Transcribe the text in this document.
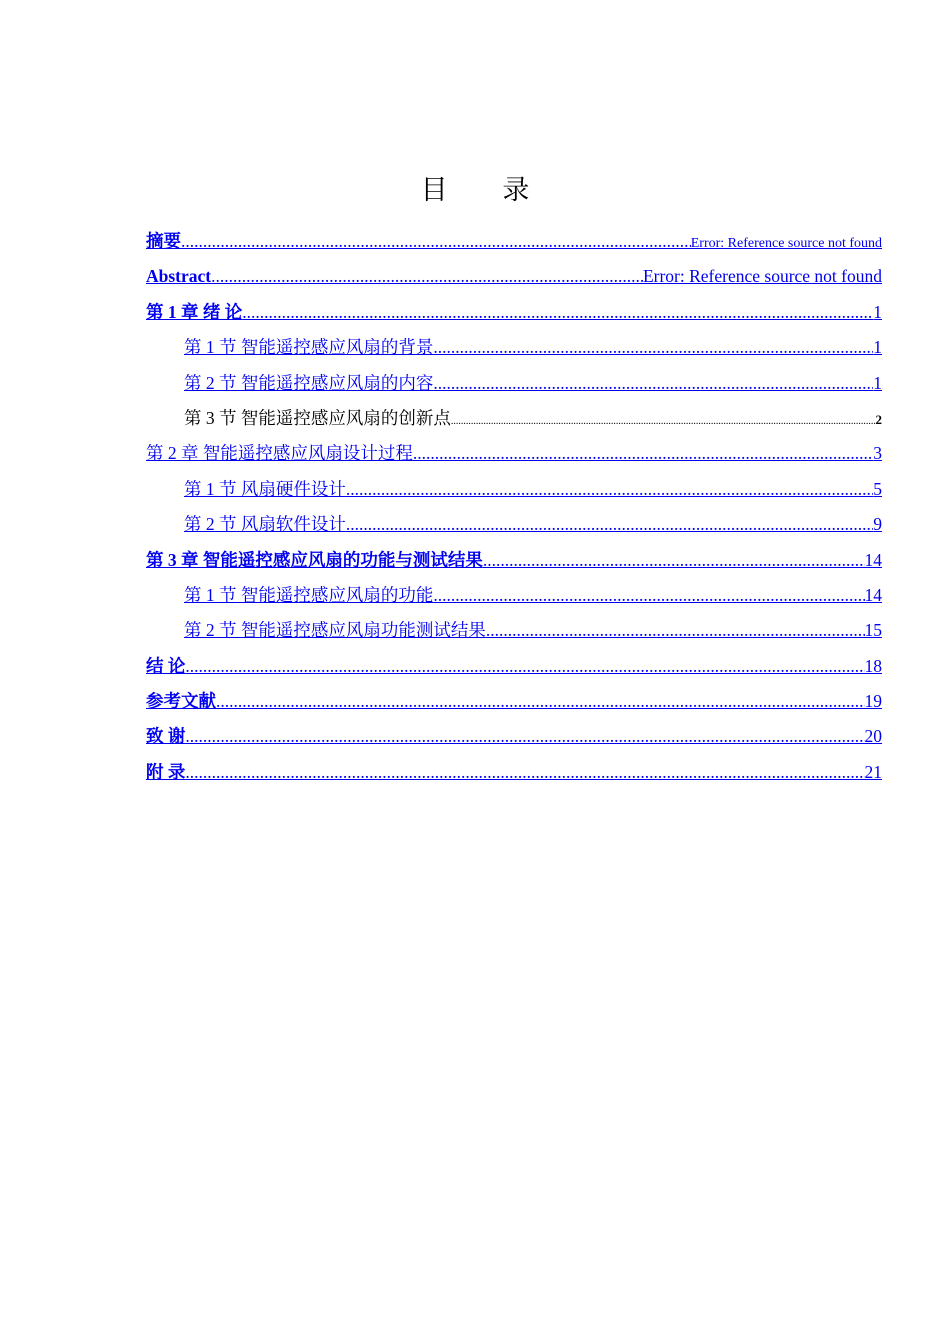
目 录
摘要 .....	Error: Reference source not found
Abstract .....	Error: Reference source not found
第 1 章 绪 论 .....	1
第 1 节 智能遥控感应风扇的背景 .....	1
第 2 节 智能遥控感应风扇的内容 .....	1
第 3 节 智能遥控感应风扇的创新点 .....	2
第 2 章 智能遥控感应风扇设计过程 .....	3
第 1 节 风扇硬件设计 .....	5
第 2 节 风扇软件设计 .....	9
第 3 章 智能遥控感应风扇的功能与测试结果 .....	14
第 1 节 智能遥控感应风扇的功能 .....	14
第 2 节 智能遥控感应风扇功能测试结果 .....	15
结 论 .....	18
参考文献 .....	19
致 谢 .....	20
附 录 .....	21
